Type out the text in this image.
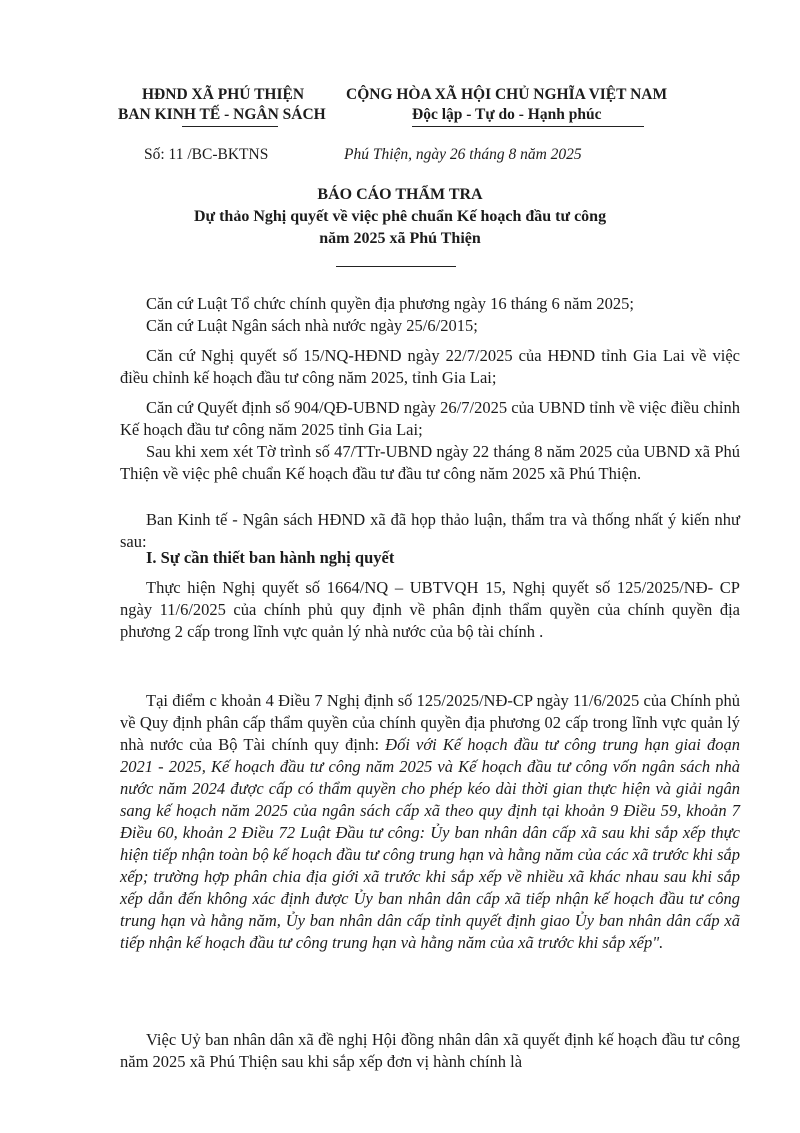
HĐND XÃ PHÚ THIỆN
BAN KINH TẾ - NGÂN SÁCH
CỘNG HÒA XÃ HỘI CHỦ NGHĨA VIỆT NAM
Độc lập - Tự do - Hạnh phúc
Số: 11 /BC-BKTNS	Phú Thiện, ngày 26 tháng 8 năm 2025
BÁO CÁO THẨM TRA
Dự thảo Nghị quyết về việc phê chuẩn Kế hoạch đầu tư công
năm 2025 xã Phú Thiện
Căn cứ Luật Tổ chức chính quyền địa phương ngày 16 tháng 6 năm 2025;
Căn cứ Luật Ngân sách nhà nước ngày 25/6/2015;
Căn cứ Nghị quyết số 15/NQ-HĐND ngày 22/7/2025 của HĐND tỉnh Gia Lai về việc điều chỉnh kế hoạch đầu tư công năm 2025, tỉnh Gia Lai;
Căn cứ Quyết định số 904/QĐ-UBND ngày 26/7/2025 của UBND tỉnh về việc điều chỉnh Kế hoạch đầu tư công năm 2025 tỉnh Gia Lai;
Sau khi xem xét Tờ trình số 47/TTr-UBND ngày 22 tháng 8 năm 2025 của UBND xã Phú Thiện về việc phê chuẩn Kế hoạch đầu tư đầu tư công năm 2025 xã Phú Thiện.
Ban Kinh tế - Ngân sách HĐND xã đã họp thảo luận, thẩm tra và thống nhất ý kiến như sau:
I. Sự cần thiết ban hành nghị quyết
Thực hiện Nghị quyết số 1664/NQ – UBTVQH 15, Nghị quyết số 125/2025/NĐ- CP ngày 11/6/2025 của chính phủ quy định về phân định thẩm quyền của chính quyền địa phương 2 cấp trong lĩnh vực quản lý nhà nước của bộ tài chính .
Tại điểm c khoản 4 Điều 7 Nghị định số 125/2025/NĐ-CP ngày 11/6/2025 của Chính phủ về Quy định phân cấp thẩm quyền của chính quyền địa phương 02 cấp trong lĩnh vực quản lý nhà nước của Bộ Tài chính quy định: Đối với Kế hoạch đầu tư công trung hạn giai đoạn 2021 - 2025, Kế hoạch đầu tư công năm 2025 và Kế hoạch đầu tư công vốn ngân sách nhà nước năm 2024 được cấp có thẩm quyền cho phép kéo dài thời gian thực hiện và giải ngân sang kế hoạch năm 2025 của ngân sách cấp xã theo quy định tại khoản 9 Điều 59, khoản 7 Điều 60, khoản 2 Điều 72 Luật Đầu tư công: Ủy ban nhân dân cấp xã sau khi sắp xếp thực hiện tiếp nhận toàn bộ kế hoạch đầu tư công trung hạn và hằng năm của các xã trước khi sắp xếp; trường hợp phân chia địa giới xã trước khi sắp xếp về nhiều xã khác nhau sau khi sắp xếp dẫn đến không xác định được Ủy ban nhân dân cấp xã tiếp nhận kế hoạch đầu tư công trung hạn và hằng năm, Ủy ban nhân dân cấp tỉnh quyết định giao Ủy ban nhân dân cấp xã tiếp nhận kế hoạch đầu tư công trung hạn và hằng năm của xã trước khi sắp xếp".
Việc Uỷ ban nhân dân xã đề nghị Hội đồng nhân dân xã quyết định kế hoạch đầu tư công năm 2025 xã Phú Thiện sau khi sắp xếp đơn vị hành chính là
